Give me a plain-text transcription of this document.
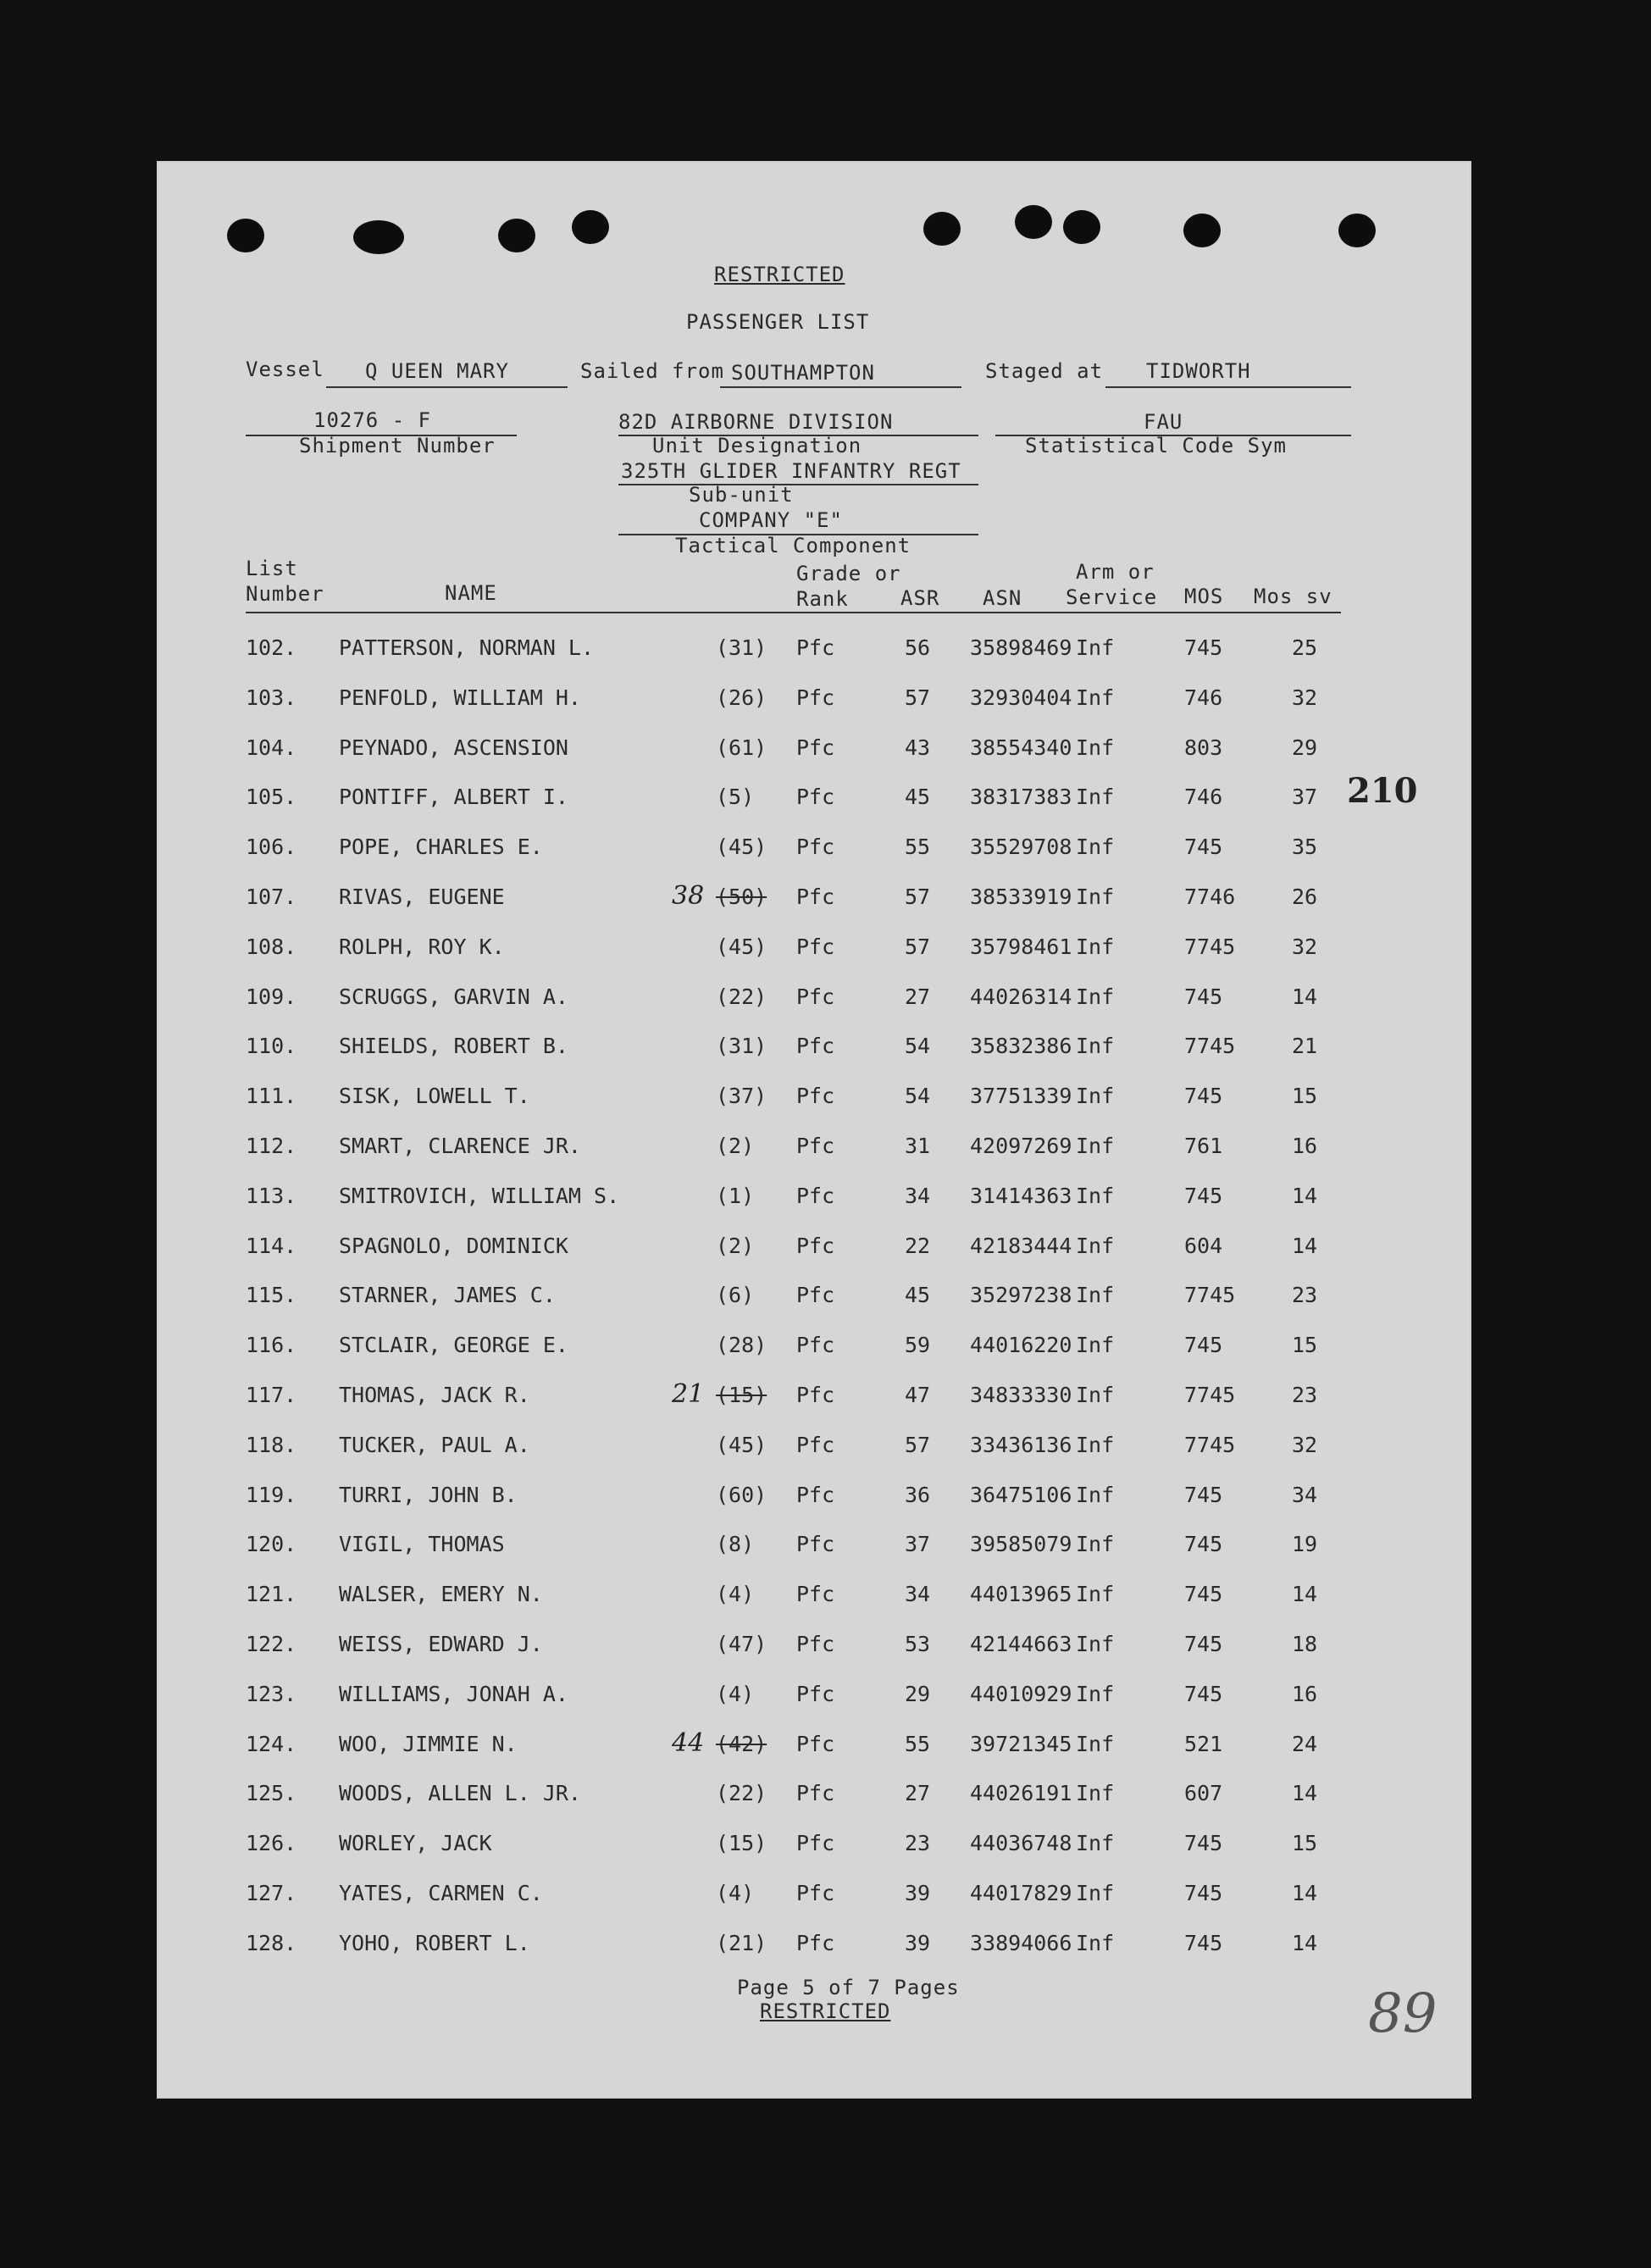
RESTRICTED
PASSENGER LIST
Vessel Q UEEN MARY	Sailed from SOUTHAMPTON	Staged at TIDWORTH
10276 - F
Shipment Number
82D AIRBORNE DIVISION
Unit Designation
325TH GLIDER INFANTRY REGT
Sub-unit
COMPANY "E"
Tactical Component
FAU
Statistical Code Sym
List
Number	NAME
Grade or
Rank	ASR ASN
Arm or
Service MOS Mos sv
102. PATTERSON, NORMAN L.	(31) Pfc	56 35898469 Inf	745	25
103. PENFOLD, WILLIAM H.	(26) Pfc	57 32930404 Inf	746	32
104. PEYNADO, ASCENSION	(61) Pfc	43 38554340 Inf	803	29
105. PONTIFF, ALBERT I.	(5) Pfc	45 38317383 Inf	746	37
106. POPE, CHARLES E.	(45) Pfc	55 35529708 Inf	745	35
107. RIVAS, EUGENE	(50) Pfc	57 38533919 Inf	7746	26
38
108. ROLPH, ROY K.	(45) Pfc	57 35798461 Inf	7745	32
109. SCRUGGS, GARVIN A.	(22) Pfc	27 44026314 Inf	745	14
110. SHIELDS, ROBERT B.	(31) Pfc	54 35832386 Inf	7745	21
111. SISK, LOWELL T.	(37) Pfc	54 37751339 Inf	745	15
112. SMART, CLARENCE JR.	(2) Pfc	31 42097269 Inf	761	16
113. SMITROVICH, WILLIAM S.	(1) Pfc	34 31414363 Inf	745	14
114. SPAGNOLO, DOMINICK	(2) Pfc	22 42183444 Inf	604	14
115. STARNER, JAMES C.	(6) Pfc	45 35297238 Inf	7745	23
116. STCLAIR, GEORGE E.	(28) Pfc	59 44016220 Inf	745	15
117. THOMAS, JACK R.	(15) Pfc	47 34833330 Inf	7745	23
21
118. TUCKER, PAUL A.	(45) Pfc	57 33436136 Inf	7745	32
119. TURRI, JOHN B.	(60) Pfc	36 36475106 Inf	745	34
120. VIGIL, THOMAS	(8) Pfc	37 39585079 Inf	745	19
121. WALSER, EMERY N.	(4) Pfc	34 44013965 Inf	745	14
122. WEISS, EDWARD J.	(47) Pfc	53 42144663 Inf	745	18
123. WILLIAMS, JONAH A.	(4) Pfc	29 44010929 Inf	745	16
124. WOO, JIMMIE N.	(42) Pfc	55 39721345 Inf	521	24
44
125. WOODS, ALLEN L. JR.	(22) Pfc	27 44026191 Inf	607	14
126. WORLEY, JACK	(15) Pfc	23 44036748 Inf	745	15
127. YATES, CARMEN C.	(4) Pfc	39 44017829 Inf	745	14
128. YOHO, ROBERT L.	(21) Pfc	39 33894066 Inf	745	14
210
Page 5 of 7 Pages
RESTRICTED	89
